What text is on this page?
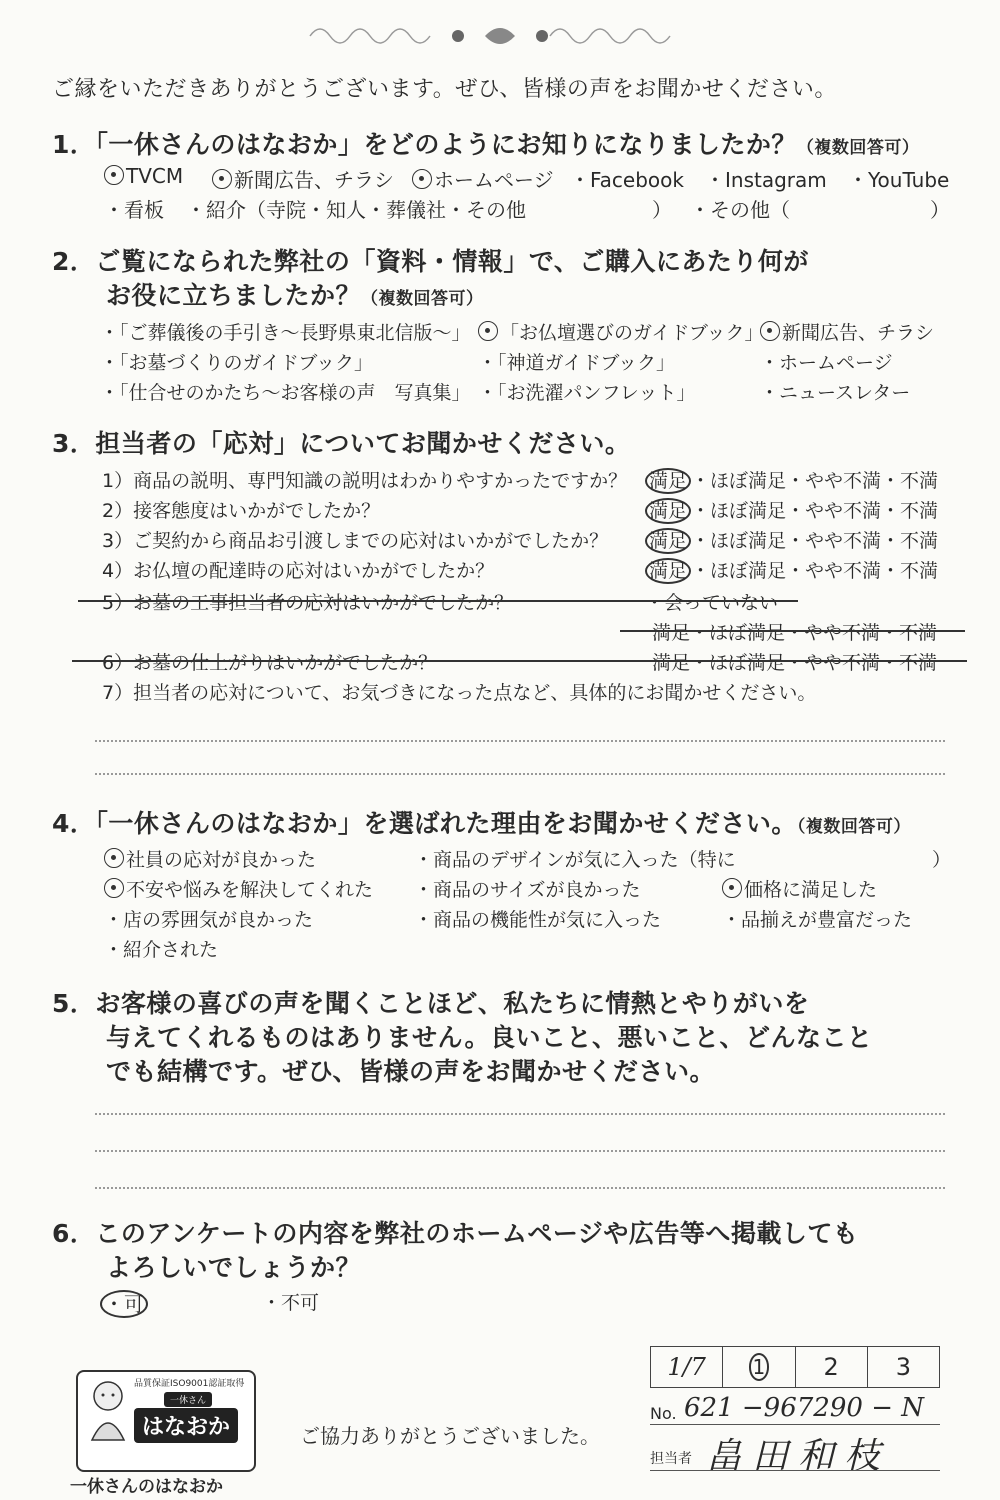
ご縁をいただきありがとうございます。ぜひ、皆様の声をお聞かせください。
1．「一休さんのはなおか」をどのようにお知りになりましたか？（複数回答可）
TVCM	新聞広告、チラシ	ホームページ ・Facebook ・Instagram ・YouTube
・看板 ・紹介（寺院・知人・葬儀社・その他	） ・その他（	）
2．ご覧になられた弊社の「資料・情報」で、ご購入にあたり何が
お役に立ちましたか？（複数回答可）
・「ご葬儀後の手引き～長野県東北信版～」	「お仏壇選びのガイドブック」 新聞広告、チラシ
・「お墓づくりのガイドブック」	・「神道ガイドブック」	・ホームページ
・「仕合せのかたち～お客様の声　写真集」 ・「お洗濯パンフレット」	・ニュースレター
3．担当者の「応対」についてお聞かせください。
1）商品の説明、専門知識の説明はわかりやすかったですか？ 満足 ・ほぼ満足・やや不満・不満
2）接客態度はいかがでしたか？	満足 ・ほぼ満足・やや不満・不満
3）ご契約から商品お引渡しまでの応対はいかがでしたか？ 満足 ・ほぼ満足・やや不満・不満
4）お仏壇の配達時の応対はいかがでしたか？	満足 ・ほぼ満足・やや不満・不満
5）お墓の工事担当者の応対はいかがでしたか？	・会っていない
満足・ほぼ満足・やや不満・不満
6）お墓の仕上がりはいかがでしたか？	満足・ほぼ満足・やや不満・不満
7）担当者の応対について、お気づきになった点など、具体的にお聞かせください。
4．「一休さんのはなおか」を選ばれた理由をお聞かせください。（複数回答可）
社員の応対が良かった	・商品のデザインが気に入った（特に	）
不安や悩みを解決してくれた ・商品のサイズが良かった	価格に満足した
・店の雰囲気が良かった	・商品の機能性が気に入った	・品揃えが豊富だった
・紹介された
5．お客様の喜びの声を聞くことほど、私たちに情熱とやりがいを
与えてくれるものはありません。良いこと、悪いこと、どんなこと
でも結構です。ぜひ、皆様の声をお聞かせください。
6．このアンケートの内容を弊社のホームページや広告等へ掲載しても
よろしいでしょうか？
・可	・不可
品質保証ISO9001認証取得
一休さん
はなおか
一休さんのはなおか
ご協力ありがとうございました。
1/7	1	2	3
No. 621 −967290 − N
担当者 畠田和枝
